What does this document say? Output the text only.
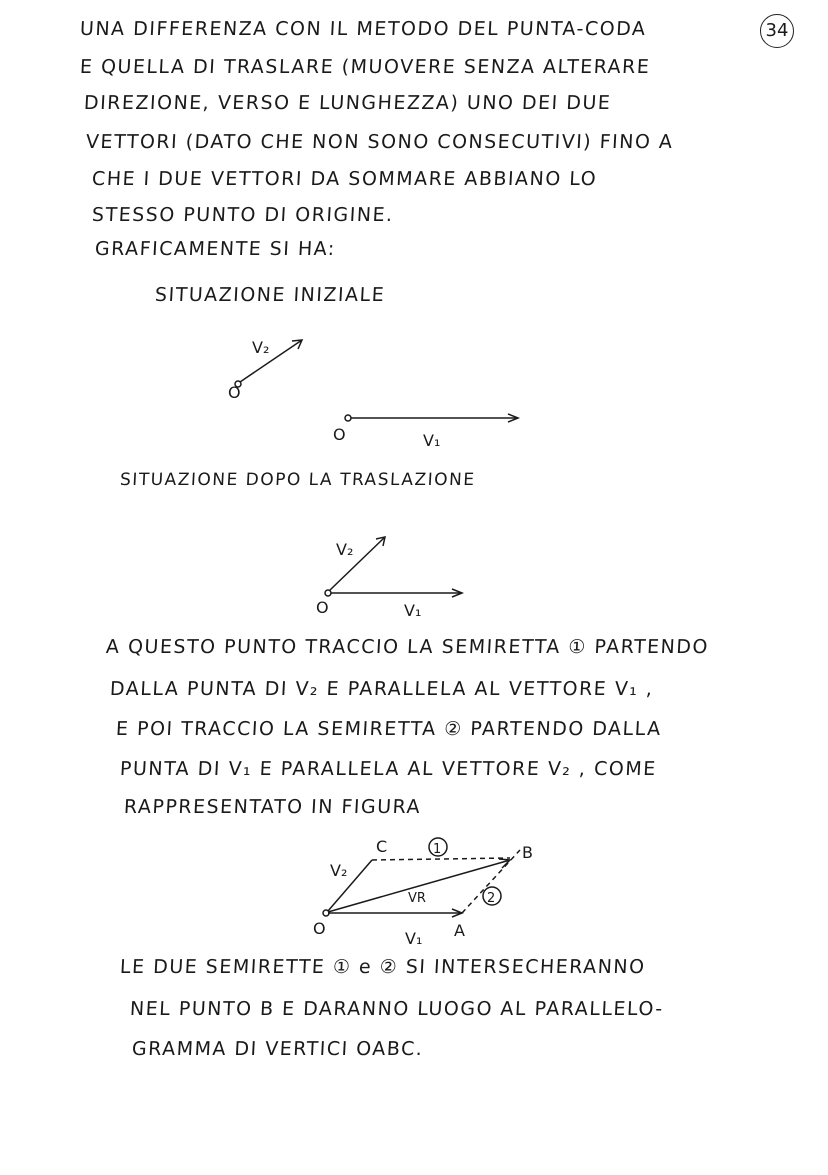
34
UNA DIFFERENZA CON IL METODO DEL PUNTA-CODA
E QUELLA DI TRASLARE (MUOVERE SENZA ALTERARE
DIREZIONE, VERSO E LUNGHEZZA) UNO DEI DUE
VETTORI (DATO CHE NON SONO CONSECUTIVI) FINO A
CHE I DUE VETTORI DA SOMMARE ABBIANO LO
STESSO PUNTO DI ORIGINE.
GRAFICAMENTE SI HA:
SITUAZIONE INIZIALE
O
V₂
O	V₁
O
V₂
V₁
O
C	B
A
V₂
V₁
VR
1
2
SITUAZIONE DOPO LA TRASLAZIONE
A QUESTO PUNTO TRACCIO LA SEMIRETTA ① PARTENDO
DALLA PUNTA DI V₂ E PARALLELA AL VETTORE V₁ ,
E POI TRACCIO LA SEMIRETTA ② PARTENDO DALLA
PUNTA DI V₁ E PARALLELA AL VETTORE V₂ , COME
RAPPRESENTATO IN FIGURA
LE DUE SEMIRETTE ① e ② SI INTERSECHERANNO
NEL PUNTO B E DARANNO LUOGO AL PARALLELO-
GRAMMA DI VERTICI OABC.
